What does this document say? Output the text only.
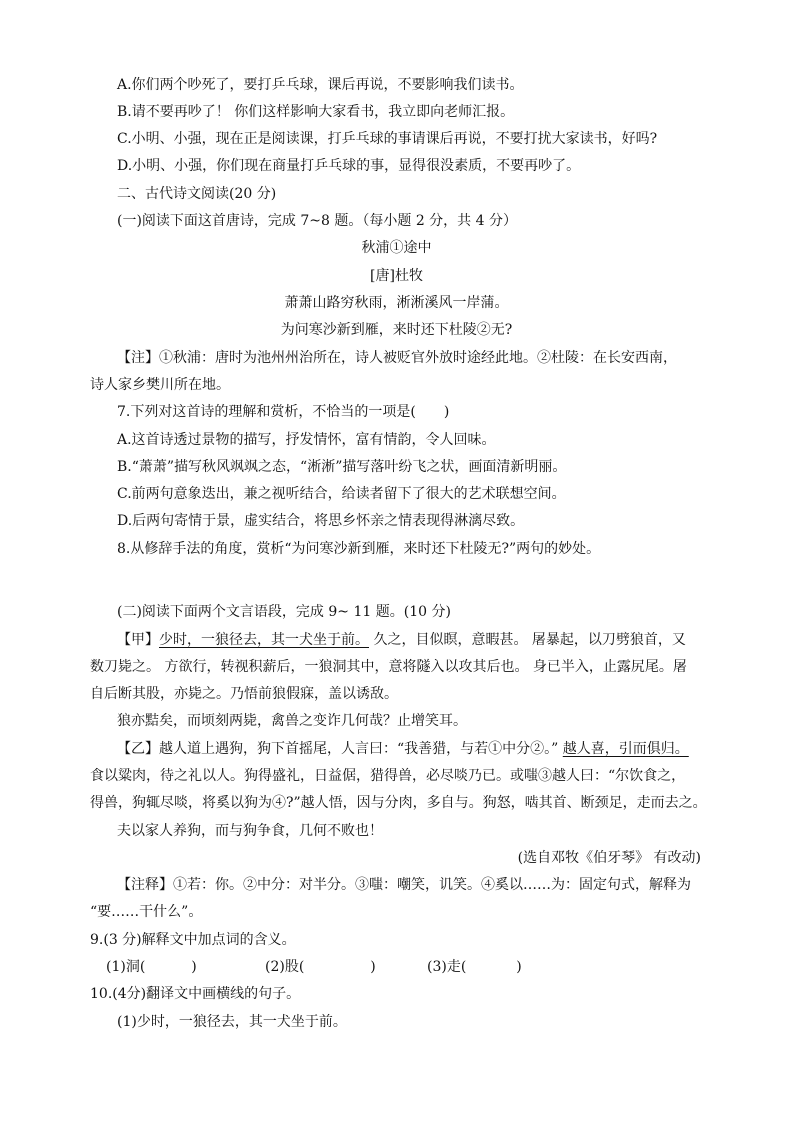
A.你们两个吵死了，要打乒乓球，课后再说，不要影响我们读书。
B.请不要再吵了！ 你们这样影响大家看书，我立即向老师汇报。
C.小明、小强，现在正是阅读课，打乒乓球的事请课后再说，不要打扰大家读书，好吗?
D.小明、小强，你们现在商量打乒乓球的事，显得很没素质，不要再吵了。
二、古代诗文阅读(20 分)
(一)阅读下面这首唐诗，完成 7~8 题。（每小题 2 分，共 4 分）
秋浦①途中
[唐]杜牧
萧萧山路穷秋雨，淅淅溪风一岸蒲。
为问寒沙新到雁，来时还下杜陵②无?
【注】①秋浦：唐时为池州州治所在，诗人被贬官外放时途经此地。②杜陵：在长安西南，
诗人家乡樊川所在地。
7.下列对这首诗的理解和赏析，不恰当的一项是(　　)
A.这首诗透过景物的描写，抒发情怀，富有情韵，令人回味。
B.“萧萧”描写秋风飒飒之态，“淅淅”描写落叶纷飞之状，画面清新明丽。
C.前两句意象迭出，兼之视听结合，给读者留下了很大的艺术联想空间。
D.后两句寄情于景，虚实结合，将思乡怀亲之情表现得淋漓尽致。
8.从修辞手法的角度，赏析“为问寒沙新到雁，来时还下杜陵无?”两句的妙处。
(二)阅读下面两个文言语段，完成 9~ 11 题。(10 分)
【甲】少时，一狼径去，其一犬坐于前。 久之，目似瞑，意暇甚。 屠暴起，以刀劈狼首，又
数刀毙之。 方欲行，转视积薪后，一狼洞其中，意将隧入以攻其后也。 身已半入，止露尻尾。屠
自后断其股，亦毙之。乃悟前狼假寐，盖以诱敌。
狼亦黠矣，而顷刻两毙，禽兽之变诈几何哉？止增笑耳。
【乙】越人道上遇狗，狗下首摇尾，人言曰：“我善猎，与若①中分②。” 越人喜，引而俱归。
食以粱肉，待之礼以人。狗得盛礼，日益倨，猎得兽，必尽啖乃已。或嗤③越人曰：“尔饮食之，
得兽，狗辄尽啖，将奚以狗为④?”越人悟，因与分肉，多自与。狗怒，啮其首、断颈足，走而去之。
夫以家人养狗，而与狗争食，几何不败也！
(选自邓牧《伯牙琴》 有改动)
【注释】①若：你。②中分：对半分。③嗤：嘲笑，讥笑。④奚以……为：固定句式，解释为
“要……干什么”。
9.(3 分)解释文中加点词的含义。
(1)洞(	)	(2)股(	)	(3)走(	)
10.(4分)翻译文中画横线的句子。
(1)少时，一狼径去，其一犬坐于前。
